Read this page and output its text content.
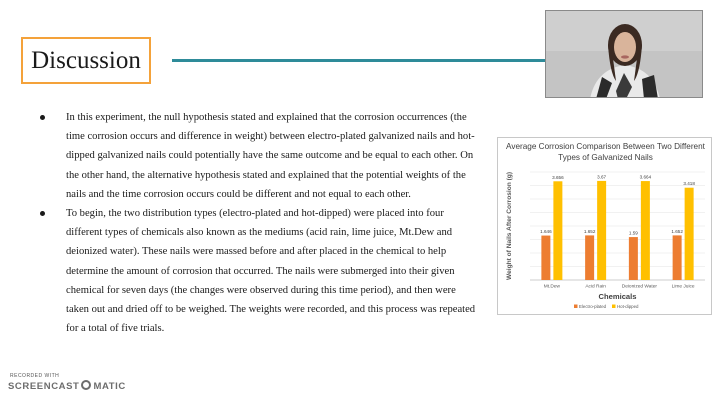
Discussion
In this experiment, the null hypothesis stated and explained that the corrosion occurrences (the time corrosion occurs and difference in weight) between electro-plated galvanized nails and hot-dipped galvanized nails could potentially have the same outcome and be equal to each other. On the other hand, the alternative hypothesis stated and explained that the potential weights of the nails and the time corrosion occurs could be different and not equal to each other.
To begin, the two distribution types (electro-plated and hot-dipped) were placed into four different types of chemicals also known as the mediums (acid rain, lime juice, Mt.Dew and deionized water). These nails were massed before and after placed in the chemical to help determine the amount of corrosion that occurred. The nails were submerged into their given chemical for seven days (the changes were observed during this time period), and then were taken out and dried off to be weighed. The weights were recorded, and this process was repeated for a total of five trials.
Average Corrosion Comparison Between Two Different Types of Galvanized Nails
Weight of Nails After Corrosion (g)	1.646
3.656
Mt.Dew
1.652
3.67
Acid Rain
1.59
3.664
Deionized Water
1.652
3.418
Lime Juice
Chemicals
Electro-plated Hot-dipped
RECORDED WITH
SCREENCAST MATIC
